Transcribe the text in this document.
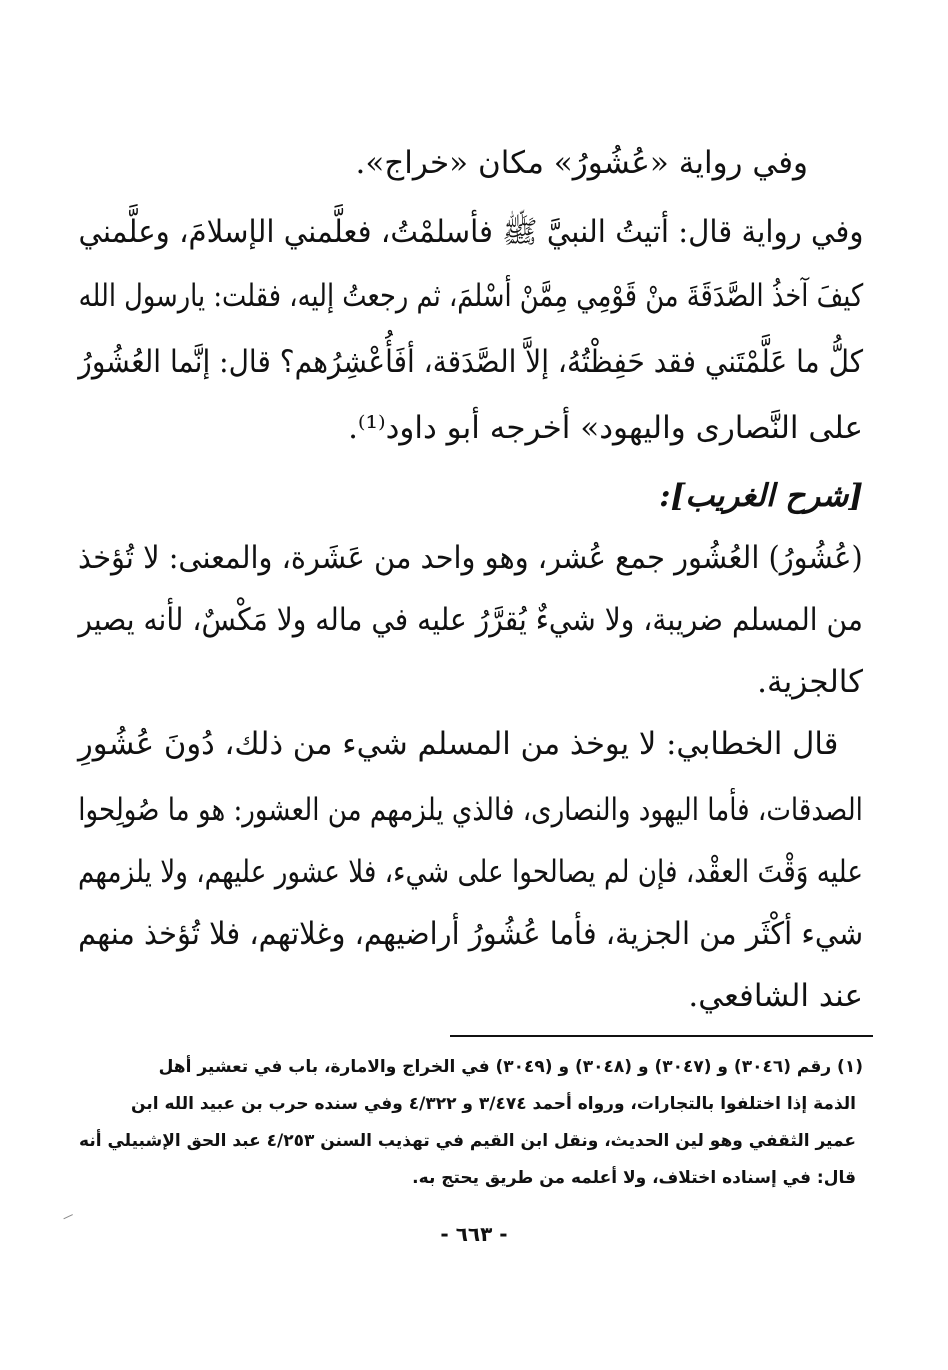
وفي رواية «عُشُورُ» مكان «خراج».
وفي رواية قال: أتيتُ النبيَّ ﷺ فأسلمْتُ، فعلَّمني الإسلامَ، وعلَّمني
كيفَ آخذُ الصَّدَقَةَ منْ قَوْمِي مِمَّنْ أسْلمَ، ثم رجعتُ إليه، فقلت: يارسول الله
كلُّ ما عَلَّمْتَني فقد حَفِظْتُهُ، إلاَّ الصَّدَقة، أفَأُعْشِرُهم؟ قال: إنَّما العُشُورُ
على النَّصارى واليهود» أخرجه أبو داود⁽¹⁾.
[شرح الغريب]:
(عُشُورُ) العُشُور جمع عُشر، وهو واحد من عَشَرة، والمعنى: لا تُؤخذ
من المسلم ضريبة، ولا شيءٌ يُقرَّرُ عليه في ماله ولا مَكْسٌ، لأنه يصير
كالجزية.
قال الخطابي: لا يوخذ من المسلم شيء من ذلك، دُونَ عُشُورِ
الصدقات، فأما اليهود والنصارى، فالذي يلزمهم من العشور: هو ما صُولِحوا
عليه وَقْتَ العقْد، فإن لم يصالحوا على شيء، فلا عشور عليهم، ولا يلزمهم
شيء أكْثَر من الجزية، فأما عُشُورُ أراضيهم، وغلاتهم، فلا تُؤخذ منهم
عند الشافعي.
(١) رقم (٣٠٤٦) و (٣٠٤٧) و (٣٠٤٨) و (٣٠٤٩) في الخراج والامارة، باب في تعشير أهل
الذمة إذا اختلفوا بالتجارات، ورواه أحمد ٣/٤٧٤ و ٤/٣٢٢ وفي سنده حرب بن عبيد الله ابن
عمير الثقفي وهو لين الحديث، ونقل ابن القيم في تهذيب السنن ٤/٢٥٣ عبد الحق الإشبيلي أنه
قال: في إسناده اختلاف، ولا أعلمه من طريق يحتج به.
- ٦٦٣ -
